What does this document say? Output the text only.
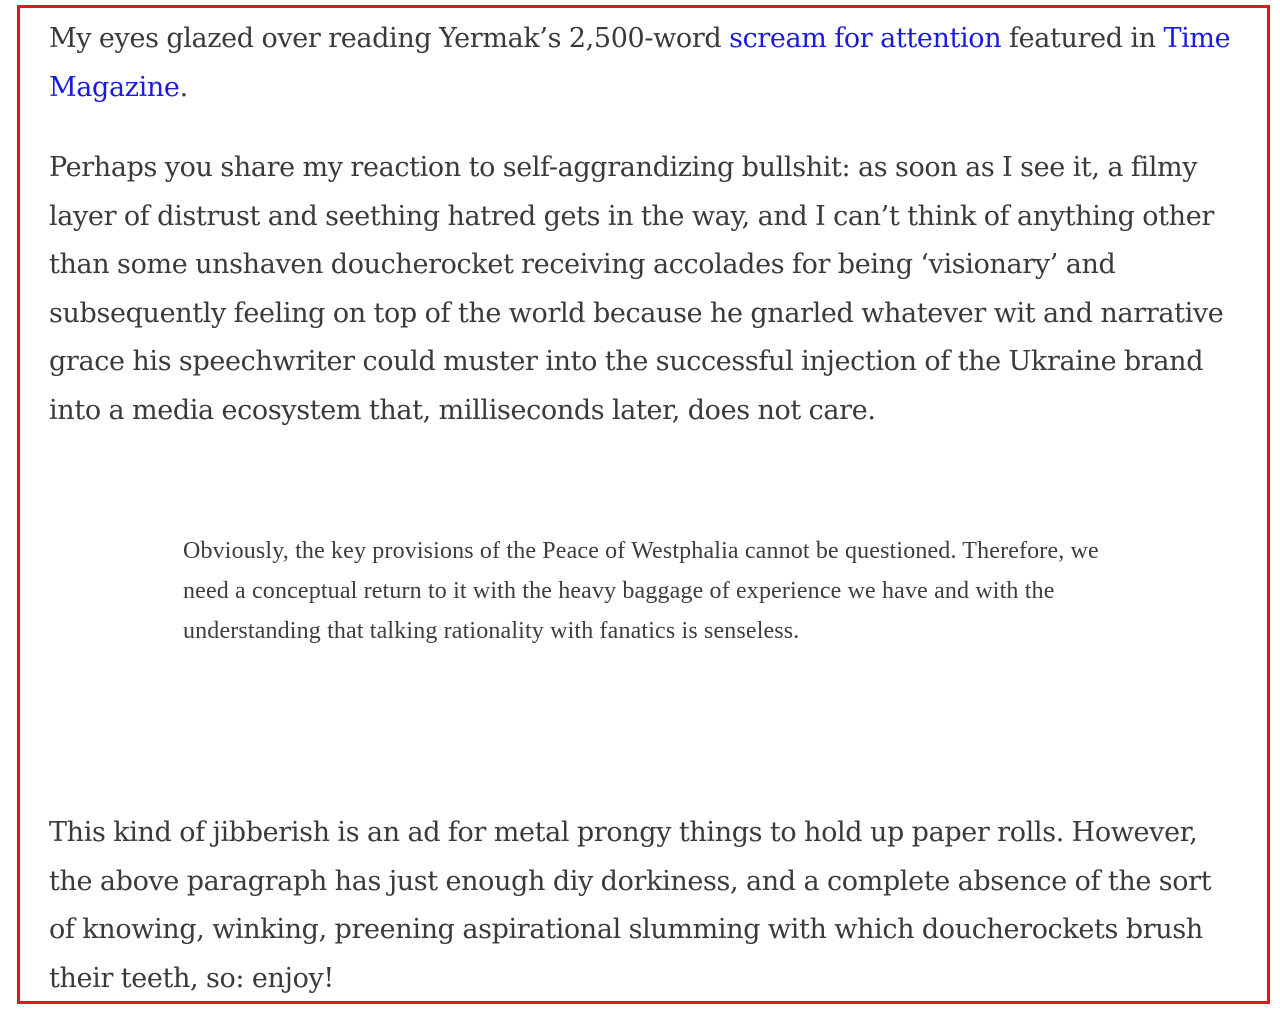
My eyes glazed over reading Yermak’s 2,500-word scream for attention featured in Time Magazine.

Perhaps you share my reaction to self-aggrandizing bullshit: as soon as I see it, a filmy layer of distrust and seething hatred gets in the way, and I can’t think of anything other than some unshaven doucherocket receiving accolades for being ‘visionary’ and subsequently feeling on top of the world because he gnarled whatever wit and narrative grace his speechwriter could muster into the successful injection of the Ukraine brand into a media ecosystem that, milliseconds later, does not care.

Obviously, the key provisions of the Peace of Westphalia cannot be questioned. Therefore, we need a conceptual return to it with the heavy baggage of experience we have and with the understanding that talking rationality with fanatics is senseless.

This kind of jibberish is an ad for metal prongy things to hold up paper rolls. However, the above paragraph has just enough diy dorkiness, and a complete absence of the sort of knowing, winking, preening aspirational slumming with which doucherockets brush their teeth, so: enjoy!
